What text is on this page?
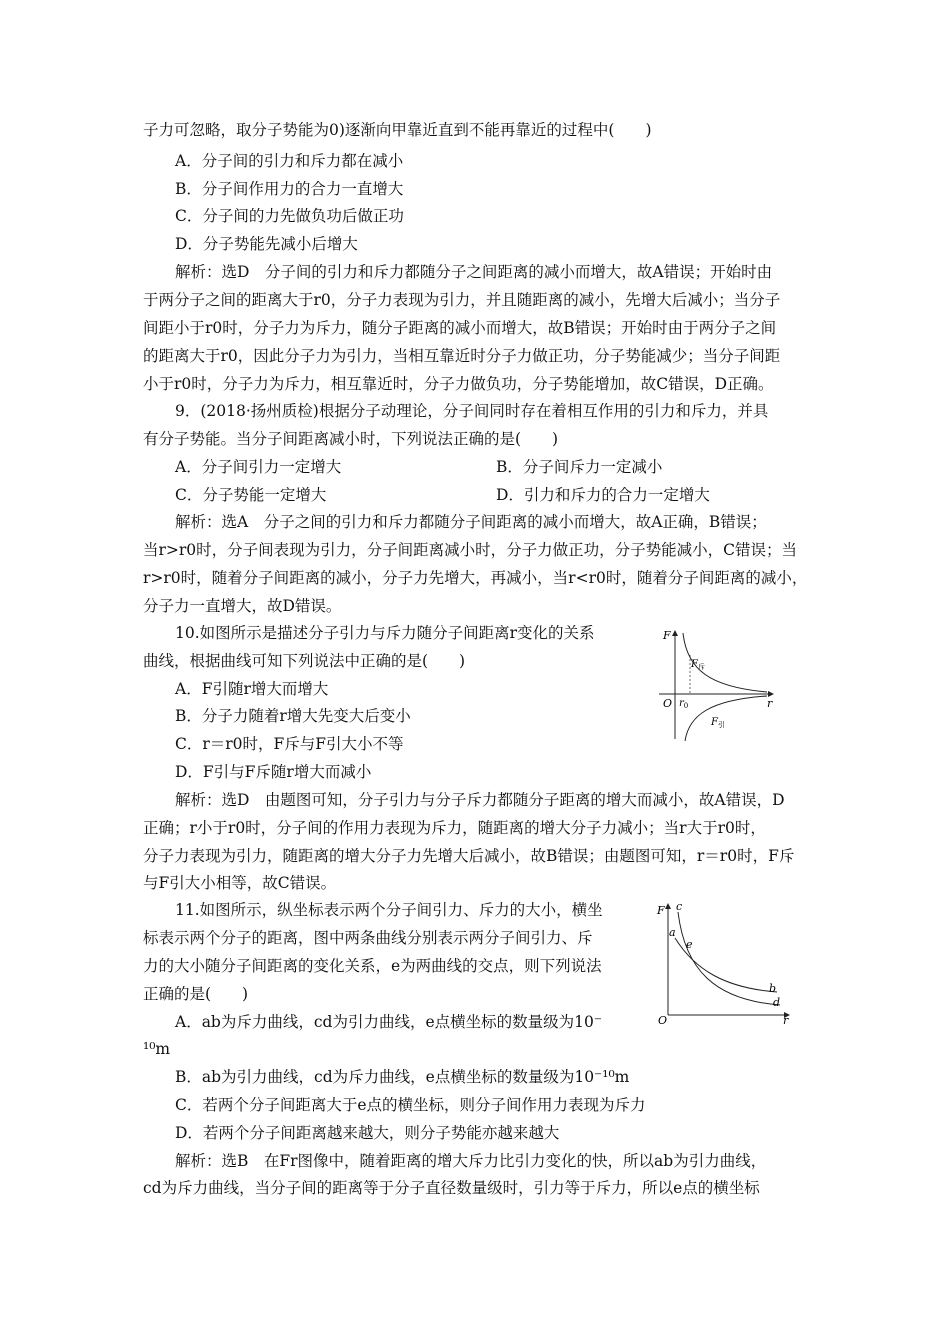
子力可忽略，取分子势能为0)逐渐向甲靠近直到不能再靠近的过程中(　　)
A．分子间的引力和斥力都在减小
B．分子间作用力的合力一直增大
C．分子间的力先做负功后做正功
D．分子势能先减小后增大
解析：选D　分子间的引力和斥力都随分子之间距离的减小而增大，故A错误；开始时由
于两分子之间的距离大于r0，分子力表现为引力，并且随距离的减小，先增大后减小；当分子
间距小于r0时，分子力为斥力，随分子距离的减小而增大，故B错误；开始时由于两分子之间
的距离大于r0，因此分子力为引力，当相互靠近时分子力做正功，分子势能减少；当分子间距
小于r0时，分子力为斥力，相互靠近时，分子力做负功，分子势能增加，故C错误，D正确。
9．(2018·扬州质检)根据分子动理论，分子间同时存在着相互作用的引力和斥力，并具
有分子势能。当分子间距离减小时，下列说法正确的是(　　)
A．分子间引力一定增大	B．分子间斥力一定减小
C．分子势能一定增大	D．引力和斥力的合力一定增大
解析：选A　分子之间的引力和斥力都随分子间距离的减小而增大，故A正确，B错误；
当r>r0时，分子间表现为引力，分子间距离减小时，分子力做正功，分子势能减小，C错误；当
r>r0时，随着分子间距离的减小，分子力先增大，再减小，当r<r0时，随着分子间距离的减小，
分子力一直增大，故D错误。
10.如图所示是描述分子引力与斥力随分子间距离r变化的关系
曲线，根据曲线可知下列说法中正确的是(　　)
A．F引随r增大而增大
B．分子力随着r增大先变大后变小
C．r＝r0时，F斥与F引大小不等
D．F引与F斥随r增大而减小
解析：选D　由题图可知，分子引力与分子斥力都随分子距离的增大而减小，故A错误，D
正确；r小于r0时，分子间的作用力表现为斥力，随距离的增大分子力减小；当r大于r0时，
分子力表现为引力，随距离的增大分子力先增大后减小，故B错误；由题图可知，r＝r0时，F斥
与F引大小相等，故C错误。
F
O	r
$r_0$
$F_斥$
$F_引$
11.如图所示，纵坐标表示两个分子间引力、斥力的大小，横坐
标表示两个分子的距离，图中两条曲线分别表示两分子间引力、斥
力的大小随分子间距离的变化关系，e为两曲线的交点，则下列说法
正确的是(　　)
A．ab为斥力曲线，cd为引力曲线，e点横坐标的数量级为10⁻
¹⁰m
B．ab为引力曲线，cd为斥力曲线，e点横坐标的数量级为10⁻¹⁰m
C．若两个分子间距离大于e点的横坐标，则分子间作用力表现为斥力
D．若两个分子间距离越来越大，则分子势能亦越来越大
解析：选B　在Fr图像中，随着距离的增大斥力比引力变化的快，所以ab为引力曲线，
cd为斥力曲线，当分子间的距离等于分子直径数量级时，引力等于斥力，所以e点的横坐标
F c
a
e
b
d
O	r
